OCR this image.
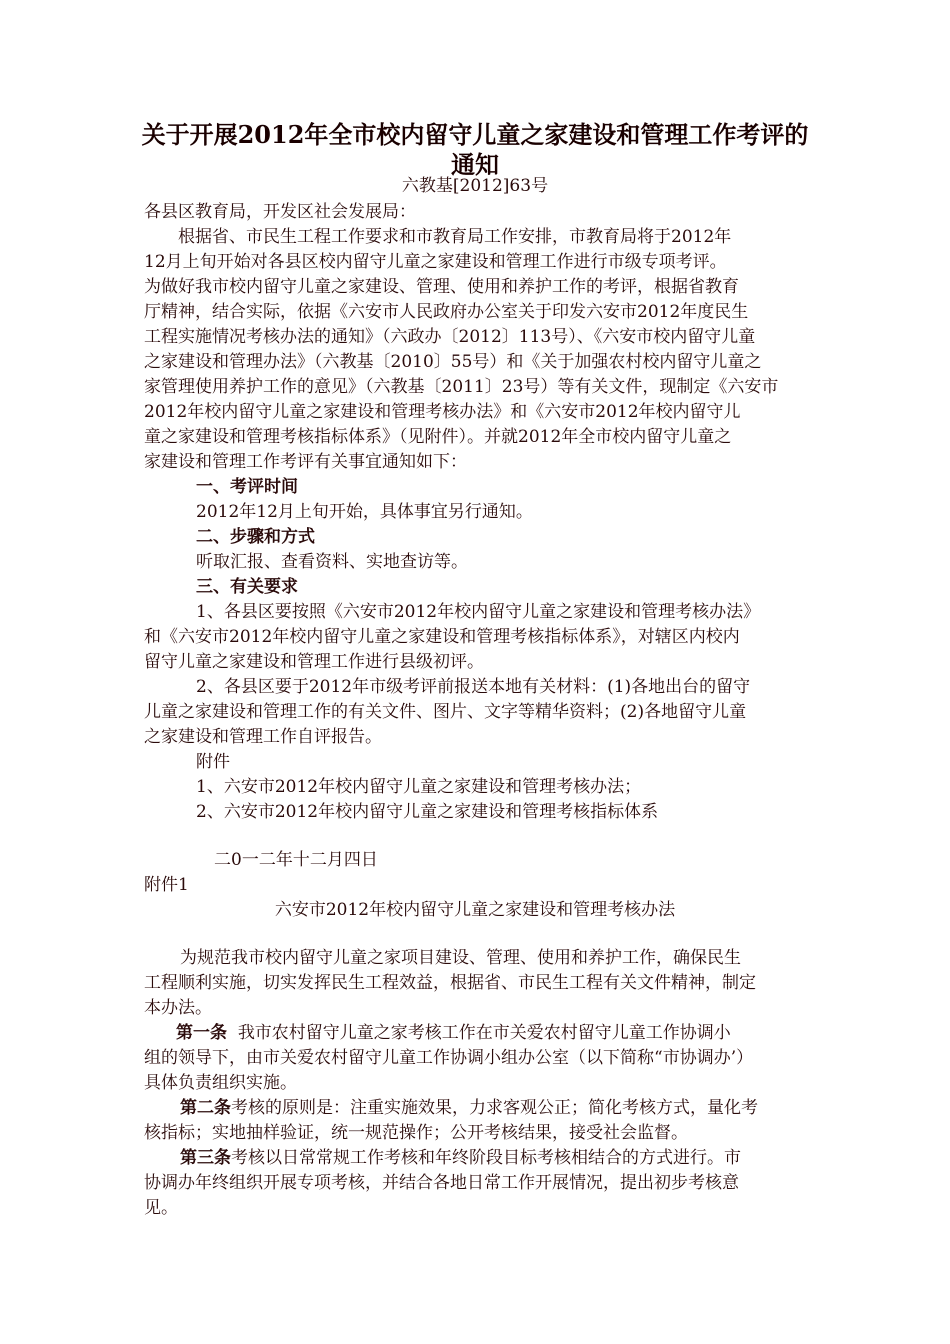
关于开展2012年全市校内留守儿童之家建设和管理工作考评的
通知
六教基[2012]63号
各县区教育局，开发区社会发展局：
根据省、市民生工程工作要求和市教育局工作安排，市教育局将于2012年
12月上旬开始对各县区校内留守儿童之家建设和管理工作进行市级专项考评。
为做好我市校内留守儿童之家建设、管理、使用和养护工作的考评，根据省教育
厅精神，结合实际，依据《六安市人民政府办公室关于印发六安市2012年度民生
工程实施情况考核办法的通知》（六政办〔2012〕113号）、《六安市校内留守儿童
之家建设和管理办法》（六教基〔2010〕55号）和《关于加强农村校内留守儿童之
家管理使用养护工作的意见》（六教基〔2011〕23号）等有关文件，现制定《六安市
2012年校内留守儿童之家建设和管理考核办法》和《六安市2012年校内留守儿
童之家建设和管理考核指标体系》（见附件）。并就2012年全市校内留守儿童之
家建设和管理工作考评有关事宜通知如下：
一、考评时间
2012年12月上旬开始，具体事宜另行通知。
二、步骤和方式
听取汇报、查看资料、实地查访等。
三、有关要求
1、各县区要按照《六安市2012年校内留守儿童之家建设和管理考核办法》
和《六安市2012年校内留守儿童之家建设和管理考核指标体系》，对辖区内校内
留守儿童之家建设和管理工作进行县级初评。
2、各县区要于2012年市级考评前报送本地有关材料：(1)各地出台的留守
儿童之家建设和管理工作的有关文件、图片、文字等精华资料；(2)各地留守儿童
之家建设和管理工作自评报告。
附件
1、六安市2012年校内留守儿童之家建设和管理考核办法；
2、六安市2012年校内留守儿童之家建设和管理考核指标体系
二0一二年十二月四日
附件1
六安市2012年校内留守儿童之家建设和管理考核办法
为规范我市校内留守儿童之家项目建设、管理、使用和养护工作，确保民生
工程顺利实施，切实发挥民生工程效益，根据省、市民生工程有关文件精神，制定
本办法。
第一条 我市农村留守儿童之家考核工作在市关爱农村留守儿童工作协调小
组的领导下，由市关爱农村留守儿童工作协调小组办公室（以下简称“市协调办’）
具体负责组织实施。
第二条考核的原则是：注重实施效果，力求客观公正；简化考核方式，量化考
核指标；实地抽样验证，统一规范操作；公开考核结果，接受社会监督。
第三条考核以日常常规工作考核和年终阶段目标考核相结合的方式进行。市
协调办年终组织开展专项考核，并结合各地日常工作开展情况，提出初步考核意
见。
